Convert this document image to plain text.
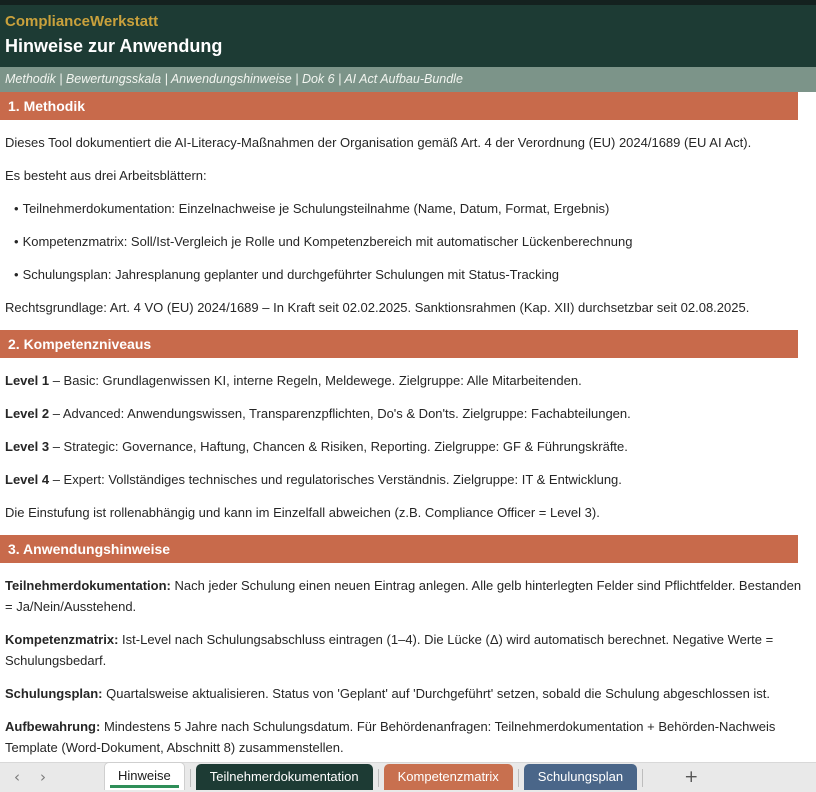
ComplianceWerkstatt
Hinweise zur Anwendung
Methodik | Bewertungsskala | Anwendungshinweise | Dok 6 | AI Act Aufbau-Bundle
1. Methodik

Dieses Tool dokumentiert die AI-Literacy-Maßnahmen der Organisation gemäß Art. 4 der Verordnung (EU) 2024/1689 (EU AI Act).

Es besteht aus drei Arbeitsblättern:

• Teilnehmerdokumentation: Einzelnachweise je Schulungsteilnahme (Name, Datum, Format, Ergebnis)

• Kompetenzmatrix: Soll/Ist-Vergleich je Rolle und Kompetenzbereich mit automatischer Lückenberechnung

• Schulungsplan: Jahresplanung geplanter und durchgeführter Schulungen mit Status-Tracking

Rechtsgrundlage: Art. 4 VO (EU) 2024/1689 – In Kraft seit 02.02.2025. Sanktionsrahmen (Kap. XII) durchsetzbar seit 02.08.2025.

2. Kompetenzniveaus

Level 1 – Basic: Grundlagenwissen KI, interne Regeln, Meldewege. Zielgruppe: Alle Mitarbeitenden.

Level 2 – Advanced: Anwendungswissen, Transparenzpflichten, Do's & Don'ts. Zielgruppe: Fachabteilungen.

Level 3 – Strategic: Governance, Haftung, Chancen & Risiken, Reporting. Zielgruppe: GF & Führungskräfte.

Level 4 – Expert: Vollständiges technisches und regulatorisches Verständnis. Zielgruppe: IT & Entwicklung.

Die Einstufung ist rollenabhängig und kann im Einzelfall abweichen (z.B. Compliance Officer = Level 3).

3. Anwendungshinweise

Teilnehmerdokumentation: Nach jeder Schulung einen neuen Eintrag anlegen. Alle gelb hinterlegten Felder sind Pflichtfelder. Bestanden = Ja/Nein/Ausstehend.

Kompetenzmatrix: Ist-Level nach Schulungsabschluss eintragen (1–4). Die Lücke (Δ) wird automatisch berechnet. Negative Werte = Schulungsbedarf.

Schulungsplan: Quartalsweise aktualisieren. Status von 'Geplant' auf 'Durchgeführt' setzen, sobald die Schulung abgeschlossen ist.

Aufbewahrung: Mindestens 5 Jahre nach Schulungsdatum. Für Behördenanfragen: Teilnehmerdokumentation + Behörden-Nachweis Template (Word-Dokument, Abschnitt 8) zusammenstellen.

‹	›	Hinweise	Teilnehmerdokumentation	Kompetenzmatrix	Schulungsplan	+
